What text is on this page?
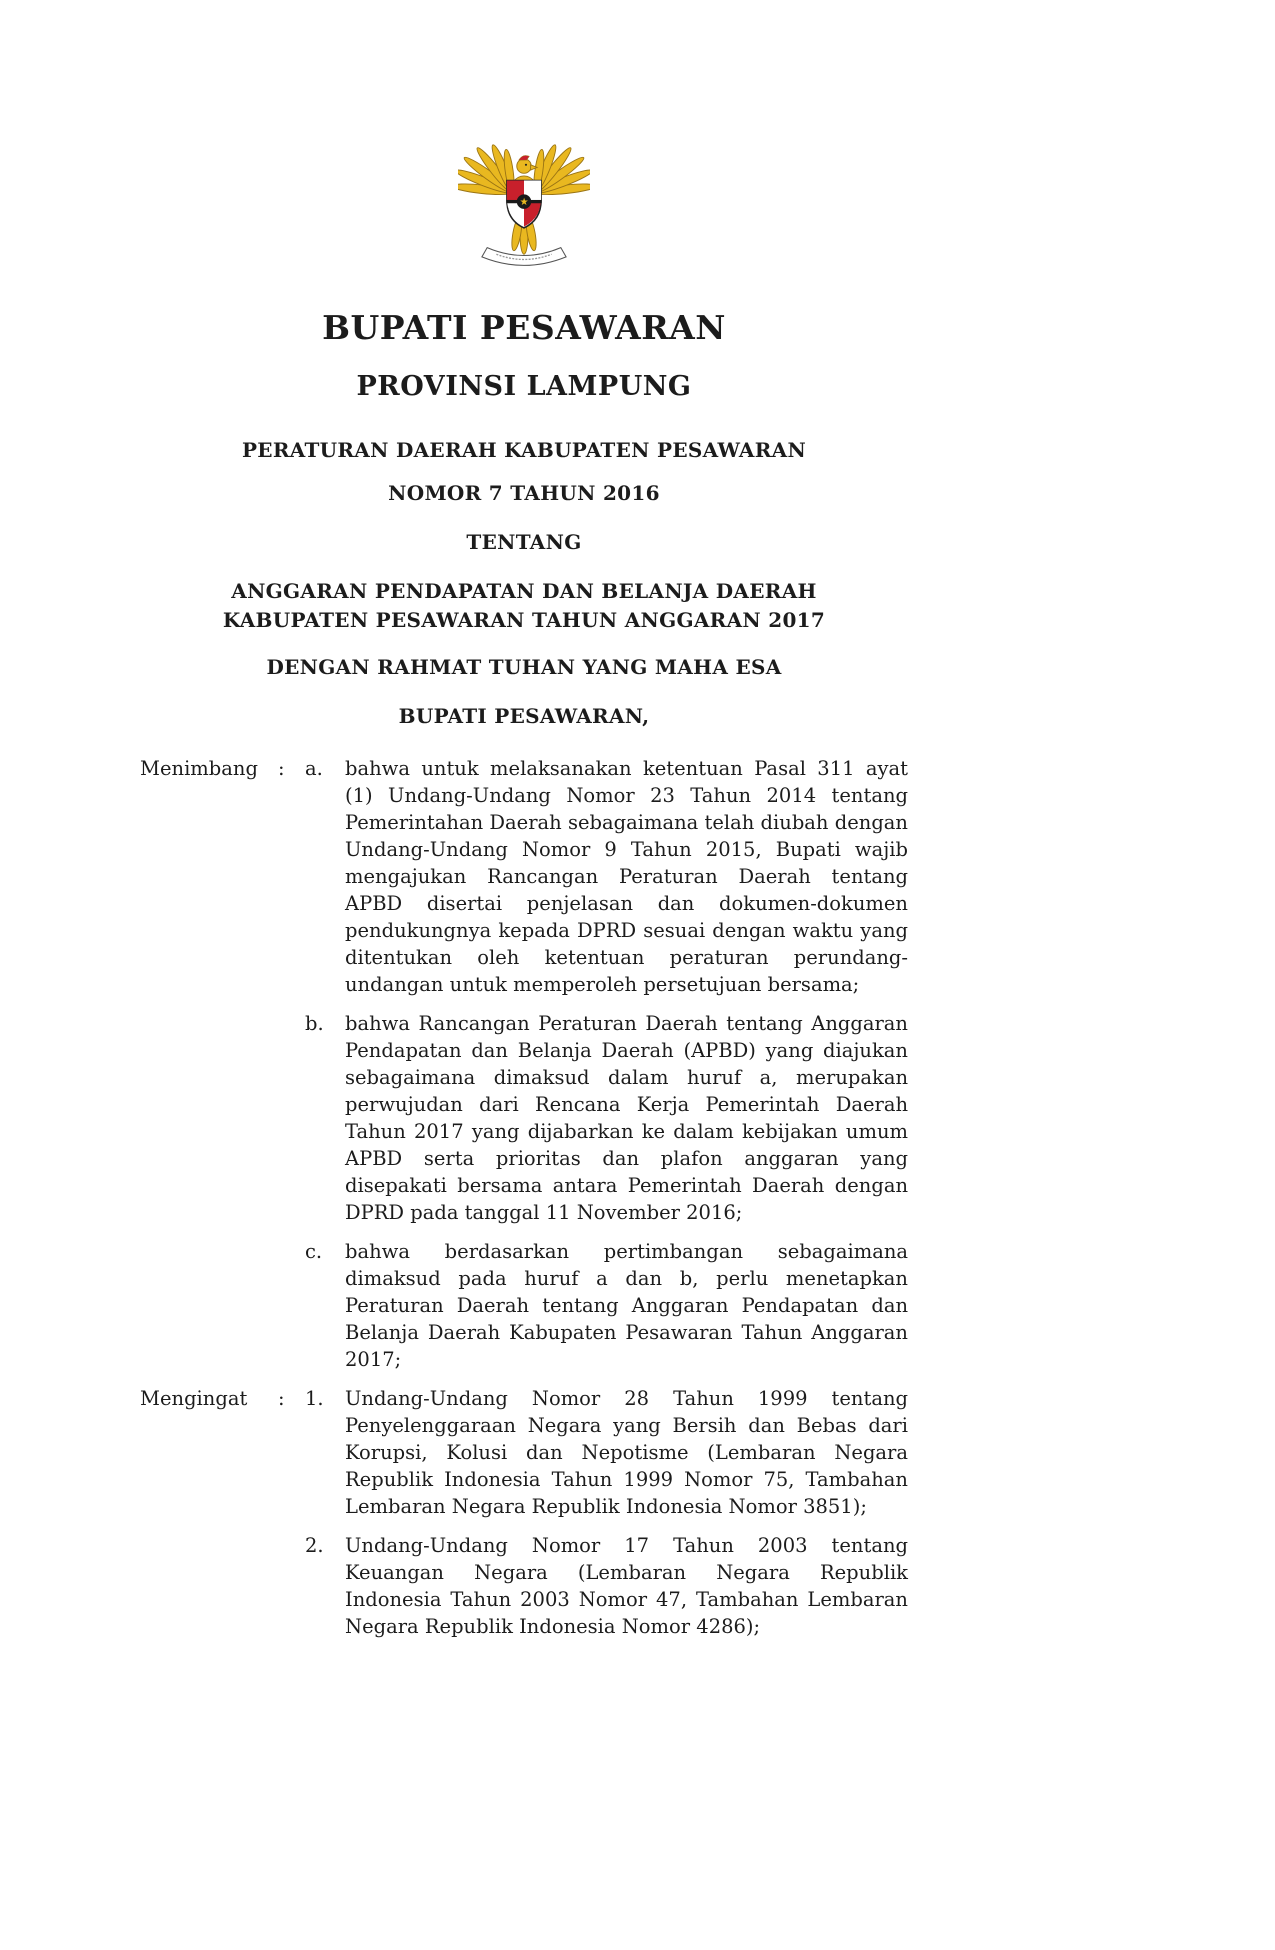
★
BUPATI PESAWARAN
PROVINSI LAMPUNG
PERATURAN DAERAH KABUPATEN PESAWARAN
NOMOR 7 TAHUN 2016
TENTANG
ANGGARAN PENDAPATAN DAN BELANJA DAERAH
KABUPATEN PESAWARAN TAHUN ANGGARAN 2017
DENGAN RAHMAT TUHAN YANG MAHA ESA
BUPATI PESAWARAN,
Menimbang	:	a.	bahwa untuk melaksanakan ketentuan Pasal 311 ayat (1) Undang-Undang Nomor 23 Tahun 2014 tentang Pemerintahan Daerah sebagaimana telah diubah dengan Undang-Undang Nomor 9 Tahun 2015, Bupati wajib mengajukan Rancangan Peraturan Daerah tentang APBD disertai penjelasan dan dokumen-dokumen pendukungnya kepada DPRD sesuai dengan waktu yang ditentukan oleh ketentuan peraturan perundang-undangan untuk memperoleh persetujuan bersama;
b.	bahwa Rancangan Peraturan Daerah tentang Anggaran Pendapatan dan Belanja Daerah (APBD) yang diajukan sebagaimana dimaksud dalam huruf a, merupakan perwujudan dari Rencana Kerja Pemerintah Daerah Tahun 2017 yang dijabarkan ke dalam kebijakan umum APBD serta prioritas dan plafon anggaran yang disepakati bersama antara Pemerintah Daerah dengan DPRD pada tanggal 11 November 2016;
c.	bahwa berdasarkan pertimbangan sebagaimana dimaksud pada huruf a dan b, perlu menetapkan Peraturan Daerah tentang Anggaran Pendapatan dan Belanja Daerah Kabupaten Pesawaran Tahun Anggaran 2017;
Mengingat	:	1.	Undang-Undang Nomor 28 Tahun 1999 tentang Penyelenggaraan Negara yang Bersih dan Bebas dari Korupsi, Kolusi dan Nepotisme (Lembaran Negara Republik Indonesia Tahun 1999 Nomor 75, Tambahan Lembaran Negara Republik Indonesia Nomor 3851);
2.	Undang-Undang Nomor 17 Tahun 2003 tentang Keuangan Negara (Lembaran Negara Republik Indonesia Tahun 2003 Nomor 47, Tambahan Lembaran Negara Republik Indonesia Nomor 4286);
